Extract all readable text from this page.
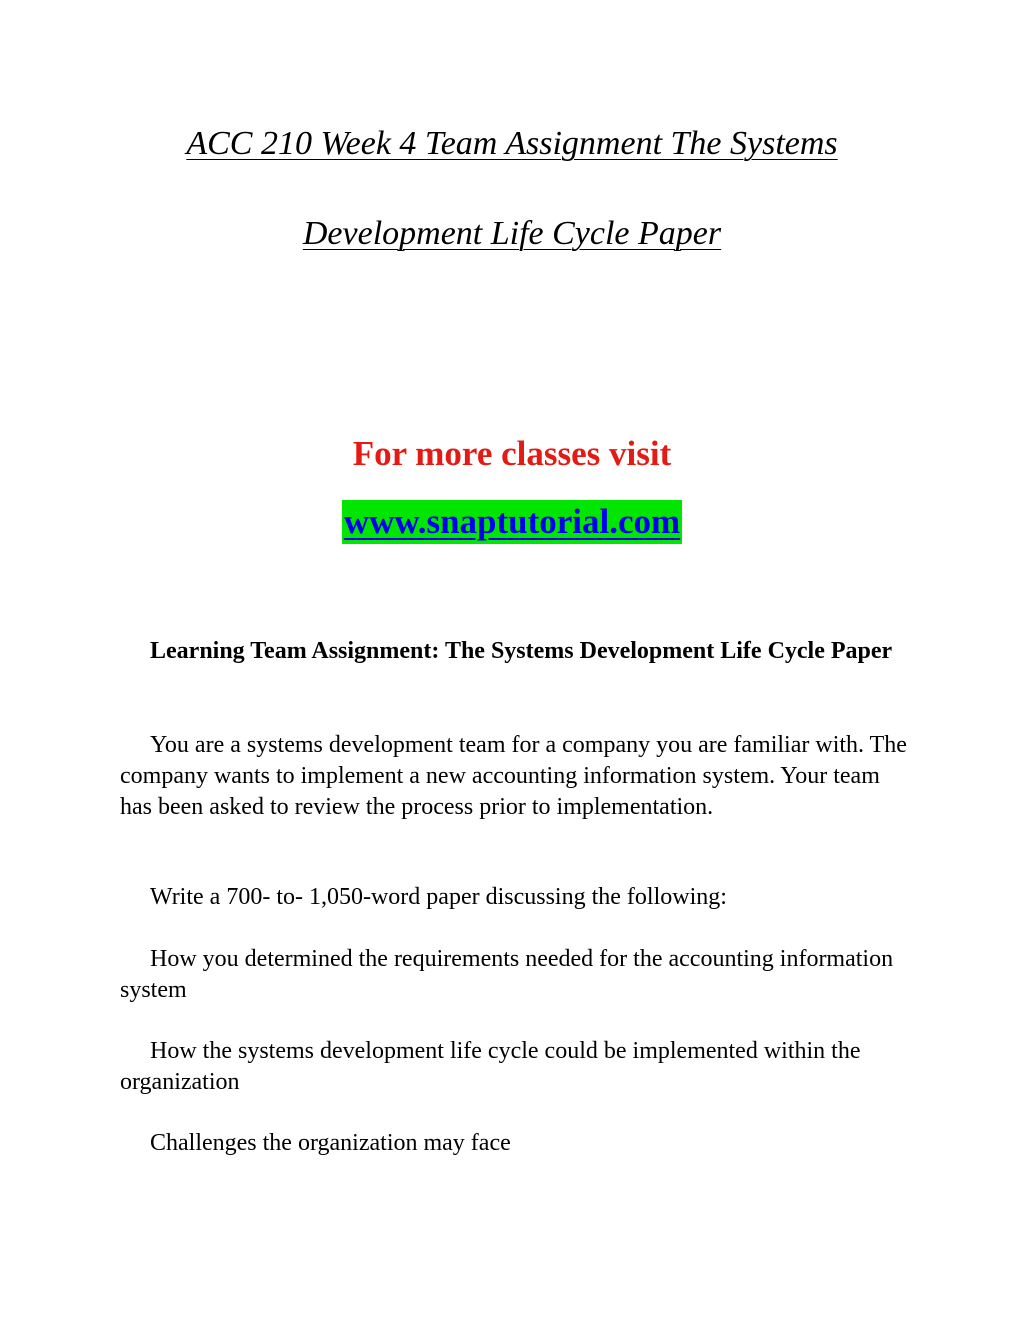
ACC 210 Week 4 Team Assignment The Systems
Development Life Cycle Paper
For more classes visit
www.snaptutorial.com

Learning Team Assignment: The Systems Development Life Cycle Paper

You are a systems development team for a company you are familiar with. The company wants to implement a new accounting information system. Your team has been asked to review the process prior to implementation.

Write a 700- to- 1,050-word paper discussing the following:

How you determined the requirements needed for the accounting information system

How the systems development life cycle could be implemented within the organization

Challenges the organization may face
